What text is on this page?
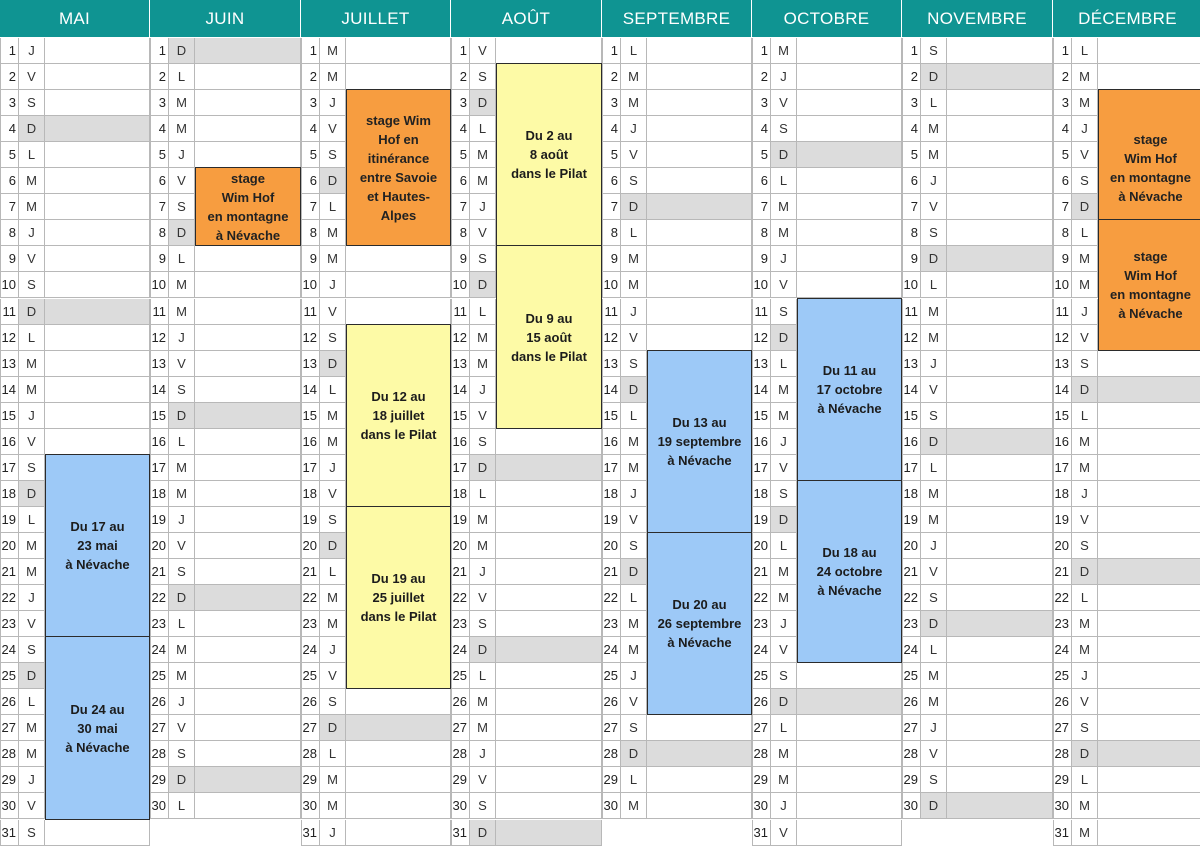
MAI
1 J
2 V
3 S
4 D
5 L
6 M
7 M
8 J
9 V
10 S
11 D
12 L
13 M
14 M
15 J
16 V
17 S
18 D
19 L
20 M
21 M
22 J
23 V
24 S
25 D
26 L
27 M
28 M
29 J
30 V
31 S
JUIN
1 D
2 L
3 M
4 M
5 J
6 V
7 S
8 D
9 L
10 M
11 M
12 J
13 V
14 S
15 D
16 L
17 M
18 M
19 J
20 V
21 S
22 D
23 L
24 M
25 M
26 J
27 V
28 S
29 D
30 L
JUILLET
1 M
2 M
3 J
4 V
5 S
6 D
7 L
8 M
9 M
10 J
11 V
12 S
13 D
14 L
15 M
16 M
17 J
18 V
19 S
20 D
21 L
22 M
23 M
24 J
25 V
26 S
27 D
28 L
29 M
30 M
31 J
AOÛT
1 V
2 S
3 D
4 L
5 M
6 M
7 J
8 V
9 S
10 D
11 L
12 M
13 M
14 J
15 V
16 S
17 D
18 L
19 M
20 M
21 J
22 V
23 S
24 D
25 L
26 M
27 M
28 J
29 V
30 S
31 D
SEPTEMBRE
1 L
2 M
3 M
4 J
5 V
6 S
7 D
8 L
9 M
10 M
11 J
12 V
13 S
14 D
15 L
16 M
17 M
18 J
19 V
20 S
21 D
22 L
23 M
24 M
25 J
26 V
27 S
28 D
29 L
30 M
OCTOBRE
1 M
2 J
3 V
4 S
5 D
6 L
7 M
8 M
9 J
10 V
11 S
12 D
13 L
14 M
15 M
16 J
17 V
18 S
19 D
20 L
21 M
22 M
23 J
24 V
25 S
26 D
27 L
28 M
29 M
30 J
31 V
NOVEMBRE
1 S
2 D
3 L
4 M
5 M
6 J
7 V
8 S
9 D
10 L
11 M
12 M
13 J
14 V
15 S
16 D
17 L
18 M
19 M
20 J
21 V
22 S
23 D
24 L
25 M
26 M
27 J
28 V
29 S
30 D
DÉCEMBRE
1 L
2 M
3 M
4 J
5 V
6 S
7 D
8 L
9 M
10 M
11 J
12 V
13 S
14 D
15 L
16 M
17 M
18 J
19 V
20 S
21 D
22 L
23 M
24 M
25 J
26 V
27 S
28 D
29 L
30 M
31 M
Du 17 au
23 mai
à Névache
Du 24 au
30 mai
à Névache
stage
Wim Hof
en montagne
à Névache
stage Wim
Hof en
itinérance
entre Savoie
et Hautes-
Alpes
Du 12 au
18 juillet
dans le Pilat
Du 19 au
25 juillet
dans le Pilat
Du 2 au
8 août
dans le Pilat
Du 9 au
15 août
dans le Pilat
Du 13 au
19 septembre
à Névache
Du 20 au
26 septembre
à Névache
Du 11 au
17 octobre
à Névache
Du 18 au
24 octobre
à Névache
stage
Wim Hof
en montagne
à Névache
stage
Wim Hof
en montagne
à Névache
